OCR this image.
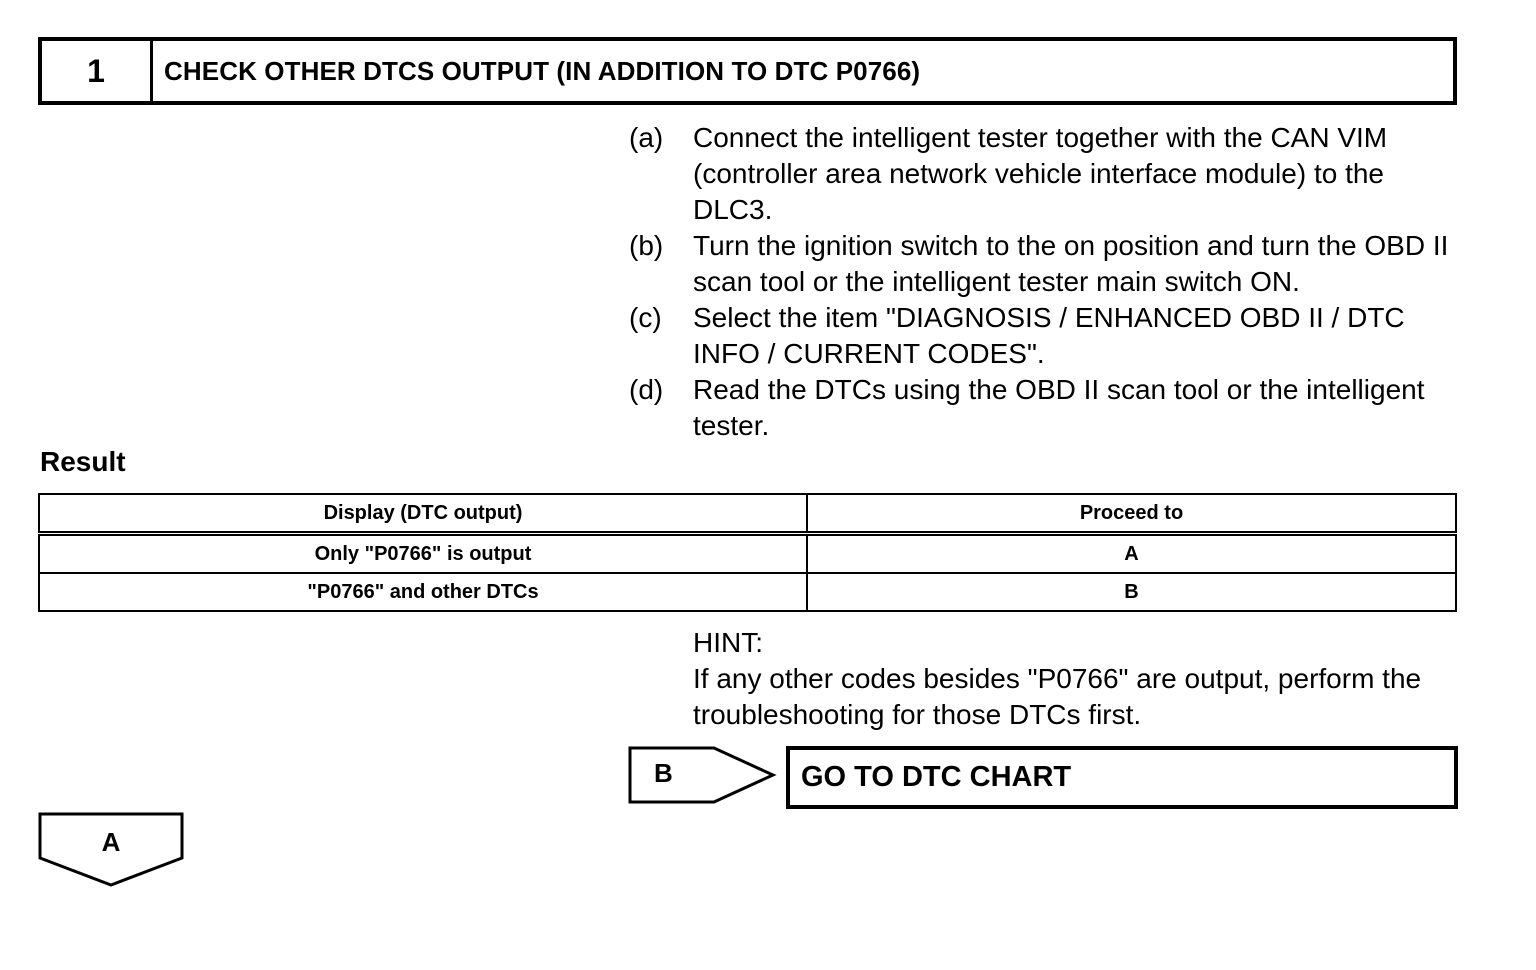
1	CHECK OTHER DTCS OUTPUT (IN ADDITION TO DTC P0766)
(a)	Connect the intelligent tester together with the CAN VIM (controller area network vehicle interface module) to the DLC3.
(b)	Turn the ignition switch to the on position and turn the OBD II scan tool or the intelligent tester main switch ON.
(c)	Select the item "DIAGNOSIS / ENHANCED OBD II / DTC INFO / CURRENT CODES".
(d)	Read the DTCs using the OBD II scan tool or the intelligent tester.
Result
Display (DTC output)	Proceed to
Only "P0766" is output	A
"P0766" and other DTCs	B
HINT:
If any other codes besides "P0766" are output, perform the troubleshooting for those DTCs first.
B	GO TO DTC CHART
A
